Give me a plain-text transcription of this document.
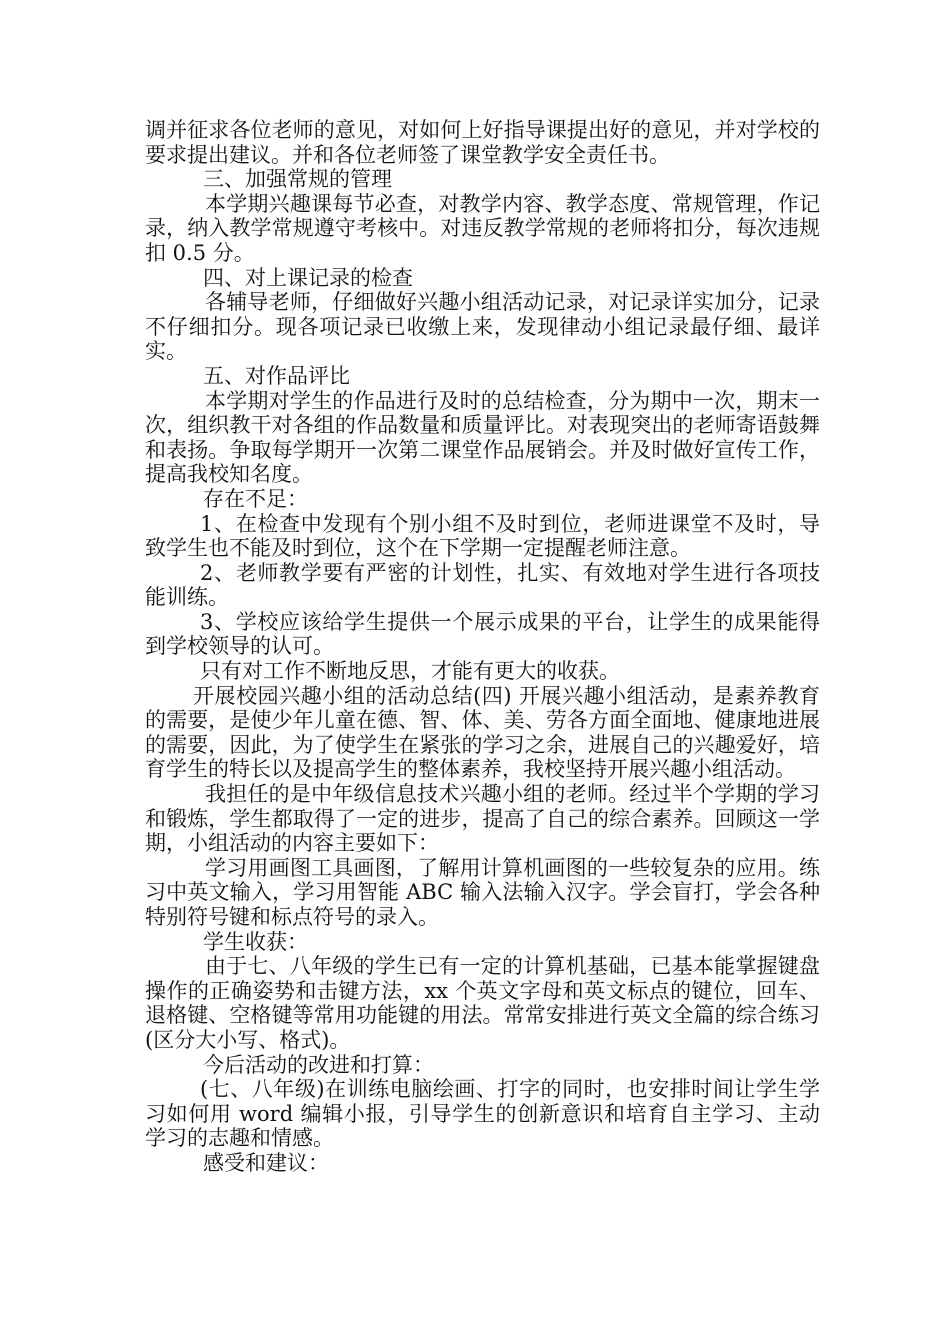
调并征求各位老师的意见，对如何上好指导课提出好的意见，并对学校的要求提出建议。并和各位老师签了课堂教学安全责任书。

三、加强常规的管理

本学期兴趣课每节必查，对教学内容、教学态度、常规管理，作记录，纳入教学常规遵守考核中。对违反教学常规的老师将扣分，每次违规扣 0.5 分。

四、对上课记录的检查

各辅导老师，仔细做好兴趣小组活动记录，对记录详实加分，记录不仔细扣分。现各项记录已收缴上来，发现律动小组记录最仔细、最详实。

五、对作品评比

本学期对学生的作品进行及时的总结检查，分为期中一次，期末一次，组织教干对各组的作品数量和质量评比。对表现突出的老师寄语鼓舞和表扬。争取每学期开一次第二课堂作品展销会。并及时做好宣传工作，提高我校知名度。

存在不足：

1、在检查中发现有个别小组不及时到位，老师进课堂不及时，导致学生也不能及时到位，这个在下学期一定提醒老师注意。

2、老师教学要有严密的计划性，扎实、有效地对学生进行各项技能训练。

3、学校应该给学生提供一个展示成果的平台，让学生的成果能得到学校领导的认可。

只有对工作不断地反思，才能有更大的收获。

开展校园兴趣小组的活动总结(四) 开展兴趣小组活动，是素养教育的需要，是使少年儿童在德、智、体、美、劳各方面全面地、健康地进展的需要，因此，为了使学生在紧张的学习之余，进展自己的兴趣爱好，培育学生的特长以及提高学生的整体素养，我校坚持开展兴趣小组活动。

我担任的是中年级信息技术兴趣小组的老师。经过半个学期的学习和锻炼，学生都取得了一定的进步，提高了自己的综合素养。回顾这一学期，小组活动的内容主要如下：

学习用画图工具画图，了解用计算机画图的一些较复杂的应用。练习中英文输入，学习用智能 ABC 输入法输入汉字。学会盲打，学会各种特别符号键和标点符号的录入。

学生收获：

由于七、八年级的学生已有一定的计算机基础，已基本能掌握键盘操作的正确姿势和击键方法，xx 个英文字母和英文标点的键位，回车、退格键、空格键等常用功能键的用法。常常安排进行英文全篇的综合练习(区分大小写、格式)。

今后活动的改进和打算：

(七、八年级)在训练电脑绘画、打字的同时，也安排时间让学生学习如何用 word 编辑小报，引导学生的创新意识和培育自主学习、主动学习的志趣和情感。

感受和建议：
